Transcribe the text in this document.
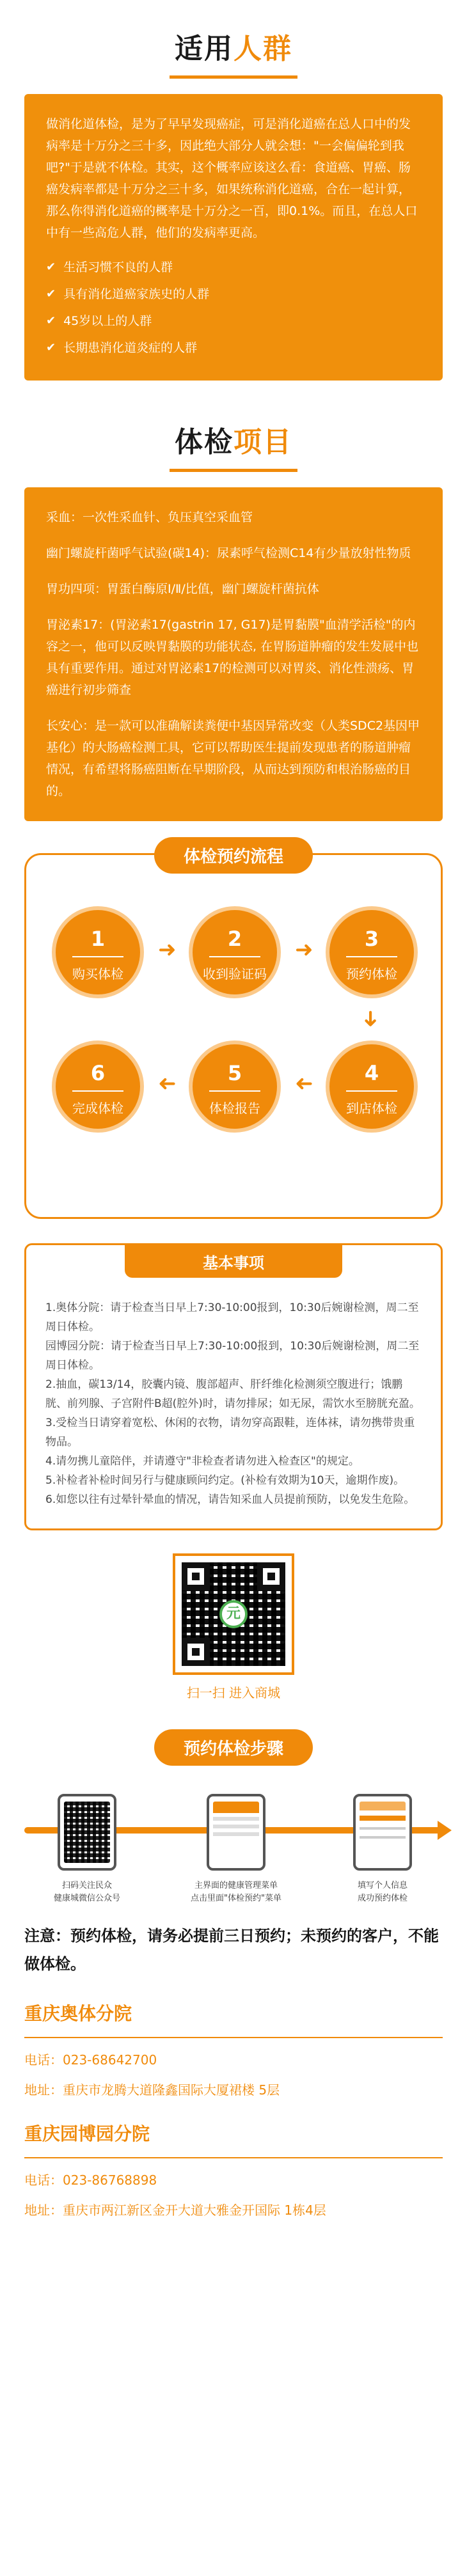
适用人群

做消化道体检，是为了早早发现癌症，可是消化道癌在总人口中的发病率是十万分之三十多，因此绝大部分人就会想："一会偏偏轮到我吧?"于是就不体检。其实，这个概率应该这么看：食道癌、胃癌、肠癌发病率都是十万分之三十多，如果统称消化道癌，合在一起计算，那么你得消化道癌的概率是十万分之一百，即0.1%。而且，在总人口中有一些高危人群，他们的发病率更高。

✔ 生活习惯不良的人群
✔ 具有消化道癌家族史的人群
✔ 45岁以上的人群
✔ 长期患消化道炎症的人群
体检项目

采血：一次性采血针、负压真空采血管

幽门螺旋杆菌呼气试验(碳14)：尿素呼气检测C14有少量放射性物质

胃功四项：胃蛋白酶原Ⅰ/Ⅱ/比值，幽门螺旋杆菌抗体

胃泌素17：(胃泌素17(gastrin 17, G17)是胃黏膜"血清学活检"的内容之一，他可以反映胃黏膜的功能状态, 在胃肠道肿瘤的发生发展中也具有重要作用。通过对胃泌素17的检测可以对胃炎、消化性溃疡、胃癌进行初步筛查

长安心：是一款可以准确解读粪便中基因异常改变（人类SDC2基因甲基化）的大肠癌检测工具，它可以帮助医生提前发现患者的肠道肿瘤情况，有希望将肠癌阻断在早期阶段，从而达到预防和根治肠癌的目的。

体检预约流程
1
购买体检
➜	2
收到验证码
➜	3
预约体检
➜
4
到店体检
➜
5
体检报告
➜
6
完成体检
基本事项

1.奥体分院：请于检查当日早上7:30-10:00报到，10:30后婉谢检测，周二至周日体检。

园博园分院：请于检查当日早上7:30-10:00报到，10:30后婉谢检测，周二至周日体检。

2.抽血，碳13/14，胶囊内镜、腹部超声、肝纤维化检测须空腹进行；饿鹏胱、前列腺、子宫附件B超(腔外)时，请勿排尿；如无尿，需饮水至膀胱充盈。

3.受检当日请穿着宽松、休闲的衣物，请勿穿高跟鞋，连体袜，请勿携带贵重物品。

4.请勿携儿童陪伴，并请遵守"非检查者请勿进入检查区"的规定。

5.补检者补检时间另行与健康顾问约定。(补检有效期为10天，逾期作废)。

6.如您以往有过晕针晕血的情况，请告知采血人员提前预防，以免发生危险。

元
扫一扫 进入商城
预约体检步骤
扫码关注民众
健康城微信公众号
主界面的健康管理菜单
点击里面"体检预约"菜单
填写个人信息
成功预约体检
注意：预约体检，请务必提前三日预约；未预约的客户，不能做体检。
重庆奥体分院
电话：023-68642700
地址：重庆市龙腾大道隆鑫国际大厦裙楼 5层
重庆园博园分院
电话：023-86768898
地址：重庆市两江新区金开大道大雅金开国际 1栋4层
